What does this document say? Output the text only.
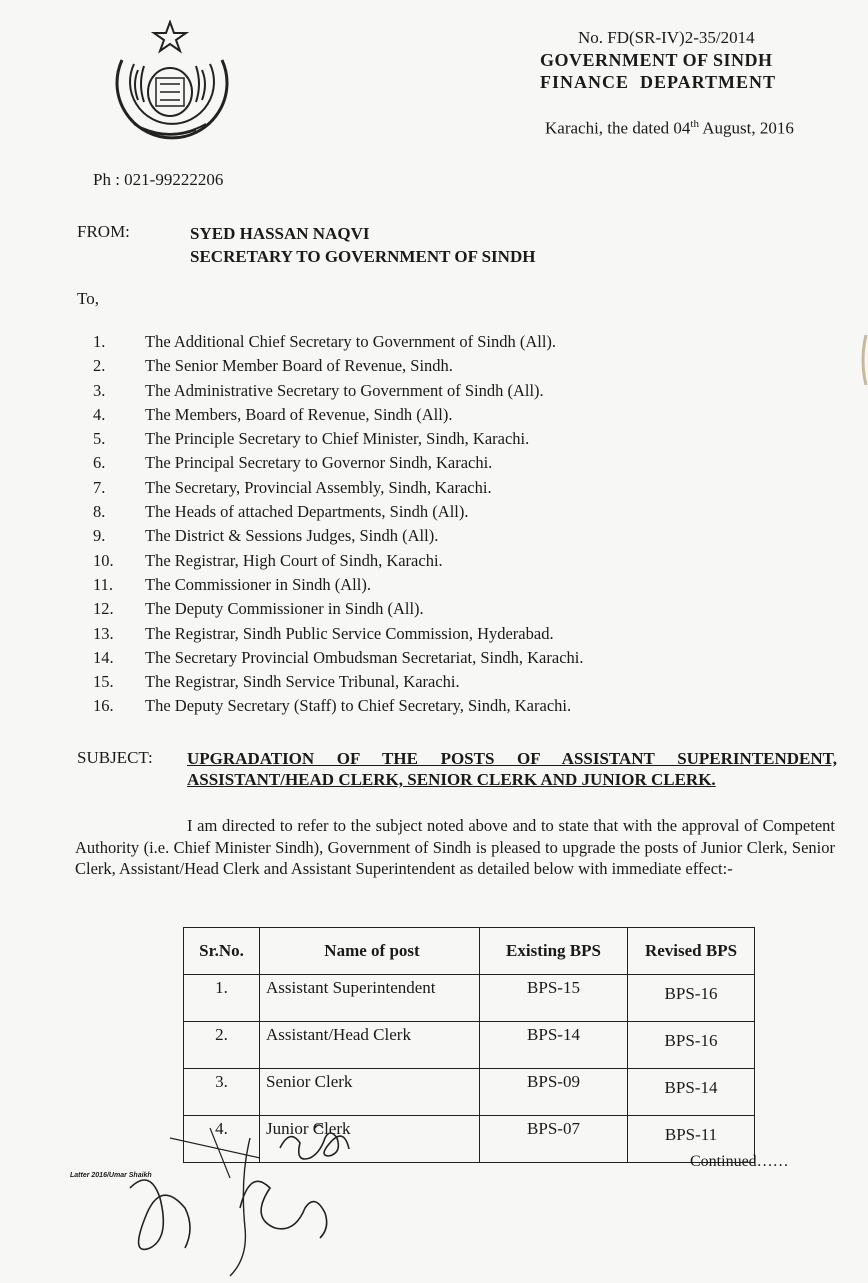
No. FD(SR-IV)2-35/2014
GOVERNMENT OF SINDH
FINANCE  DEPARTMENT
Karachi, the dated 04th August, 2016
Ph : 021-99222206
FROM:	SYED HASSAN NAQVI
SECRETARY TO GOVERNMENT OF SINDH
To,
1. The Additional Chief Secretary to Government of Sindh (All).
2. The Senior Member Board of Revenue, Sindh.
3. The Administrative Secretary to Government of Sindh (All).
4. The Members, Board of Revenue, Sindh (All).
5. The Principle Secretary to Chief Minister, Sindh, Karachi.
6. The Principal Secretary to Governor Sindh, Karachi.
7. The Secretary, Provincial Assembly, Sindh, Karachi.
8. The Heads of attached Departments, Sindh (All).
9. The District & Sessions Judges, Sindh (All).
10. The Registrar, High Court of Sindh, Karachi.
11. The Commissioner in Sindh (All).
12. The Deputy Commissioner in Sindh (All).
13. The Registrar, Sindh Public Service Commission, Hyderabad.
14. The Secretary Provincial Ombudsman Secretariat, Sindh, Karachi.
15. The Registrar, Sindh Service Tribunal, Karachi.
16. The Deputy Secretary (Staff) to Chief Secretary, Sindh, Karachi.
SUBJECT: UPGRADATION OF THE POSTS OF ASSISTANT SUPERINTENDENT,
ASSISTANT/HEAD CLERK, SENIOR CLERK AND JUNIOR CLERK.
I am directed to refer to the subject noted above and to state that with the approval of Competent Authority (i.e. Chief Minister Sindh), Government of Sindh is pleased to upgrade the posts of Junior Clerk, Senior Clerk, Assistant/Head Clerk and Assistant Superintendent as detailed below with immediate effect:-
Sr.No.	Name of post	Existing BPS	Revised BPS
1.	Assistant Superintendent	BPS-15	BPS-16
2.	Assistant/Head Clerk	BPS-14	BPS-16
3.	Senior Clerk	BPS-09	BPS-14
4.	Junior Clerk	BPS-07	BPS-11
Latter 2016/Umar Shaikh
Continued……
